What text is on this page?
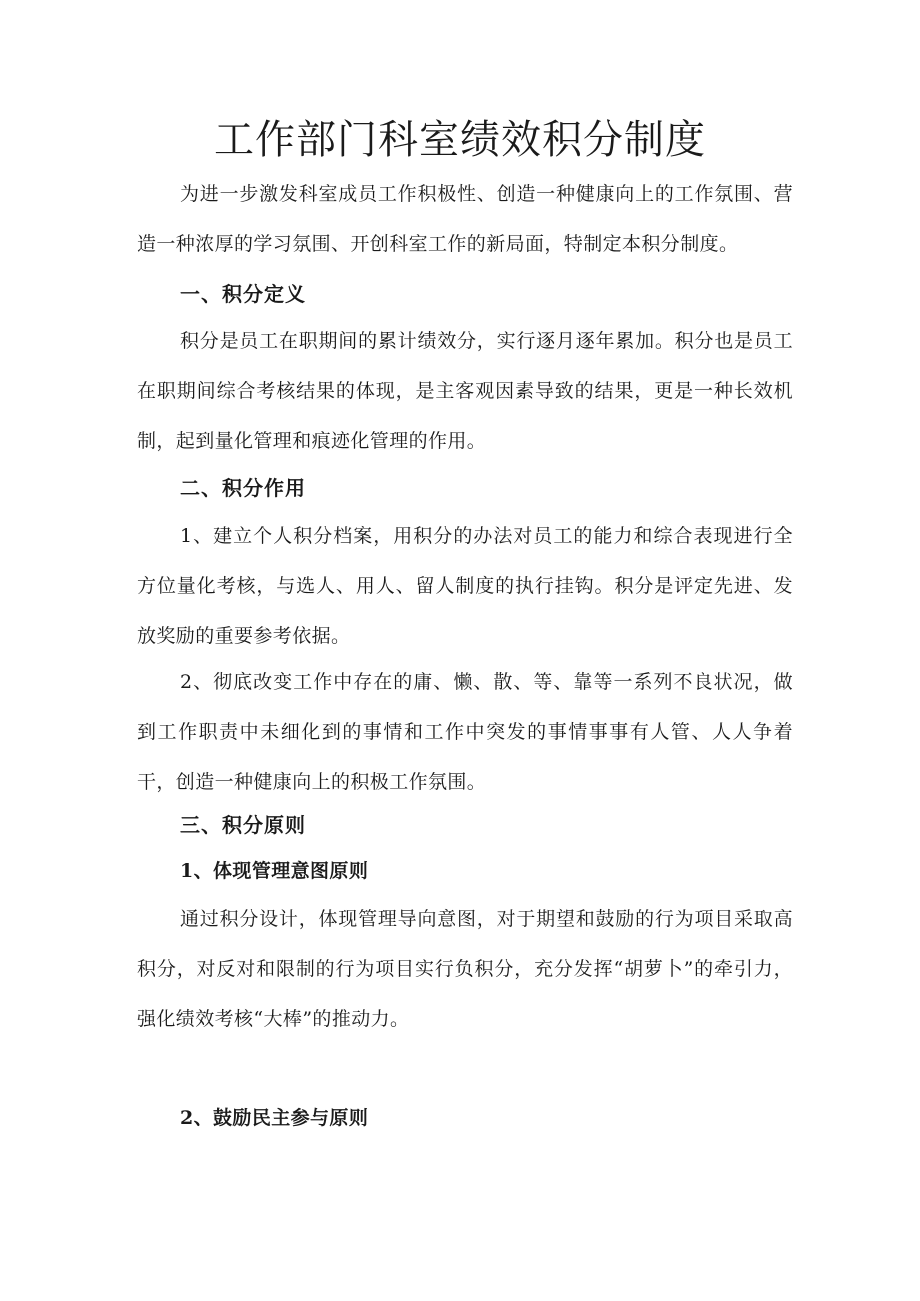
工作部门科室绩效积分制度

为进一步激发科室成员工作积极性、创造一种健康向上的工作氛围、营造一种浓厚的学习氛围、开创科室工作的新局面，特制定本积分制度。

一、积分定义

积分是员工在职期间的累计绩效分，实行逐月逐年累加。积分也是员工在职期间综合考核结果的体现，是主客观因素导致的结果，更是一种长效机制，起到量化管理和痕迹化管理的作用。

二、积分作用

1、建立个人积分档案，用积分的办法对员工的能力和综合表现进行全方位量化考核，与选人、用人、留人制度的执行挂钩。积分是评定先进、发放奖励的重要参考依据。

2、彻底改变工作中存在的庸、懒、散、等、靠等一系列不良状况，做到工作职责中未细化到的事情和工作中突发的事情事事有人管、人人争着干，创造一种健康向上的积极工作氛围。

三、积分原则
1、体现管理意图原则

通过积分设计，体现管理导向意图，对于期望和鼓励的行为项目采取高积分，对反对和限制的行为项目实行负积分，充分发挥“胡萝卜”的牵引力，强化绩效考核“大棒”的推动力。

2、鼓励民主参与原则
